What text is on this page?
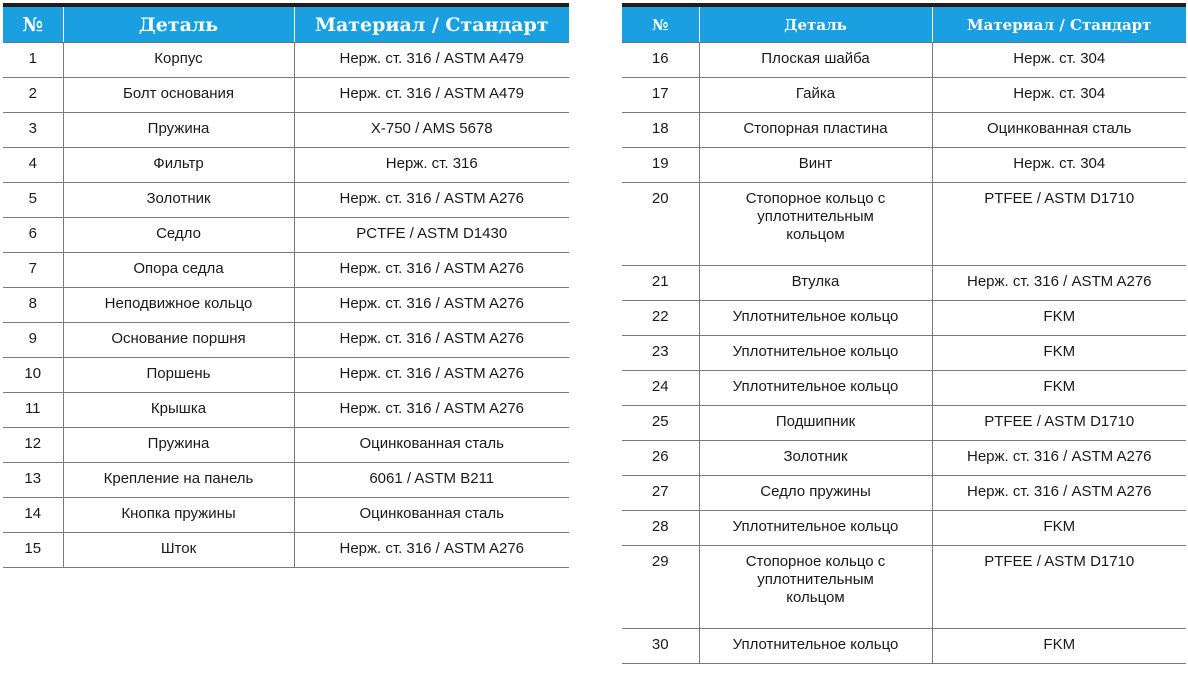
№	Деталь	Материал / Стандарт
1	Корпус	Нерж. ст. 316 / ASTM A479
2	Болт основания	Нерж. ст. 316 / ASTM A479
3	Пружина	X-750 / AMS 5678
4	Фильтр	Нерж. ст. 316
5	Золотник	Нерж. ст. 316 / ASTM A276
6	Седло	PCTFE / ASTM D1430
7	Опора седла	Нерж. ст. 316 / ASTM A276
8	Неподвижное кольцо	Нерж. ст. 316 / ASTM A276
9	Основание поршня	Нерж. ст. 316 / ASTM A276
10	Поршень	Нерж. ст. 316 / ASTM A276
11	Крышка	Нерж. ст. 316 / ASTM A276
12	Пружина	Оцинкованная сталь
13	Крепление на панель	6061 / ASTM B211
14	Кнопка пружины	Оцинкованная сталь
15	Шток	Нерж. ст. 316 / ASTM A276

№	Деталь	Материал / Стандарт
16	Плоская шайба	Нерж. ст. 304
17	Гайка	Нерж. ст. 304
18	Стопорная пластина	Оцинкованная сталь
19	Винт	Нерж. ст. 304
20	Стопорное кольцо с уплотнительным кольцом	PTFEE / ASTM D1710
21	Втулка	Нерж. ст. 316 / ASTM A276
22	Уплотнительное кольцо	FKM
23	Уплотнительное кольцо	FKM
24	Уплотнительное кольцо	FKM
25	Подшипник	PTFEE / ASTM D1710
26	Золотник	Нерж. ст. 316 / ASTM A276
27	Седло пружины	Нерж. ст. 316 / ASTM A276
28	Уплотнительное кольцо	FKM
29	Стопорное кольцо с уплотнительным кольцом	PTFEE / ASTM D1710
30	Уплотнительное кольцо	FKM
